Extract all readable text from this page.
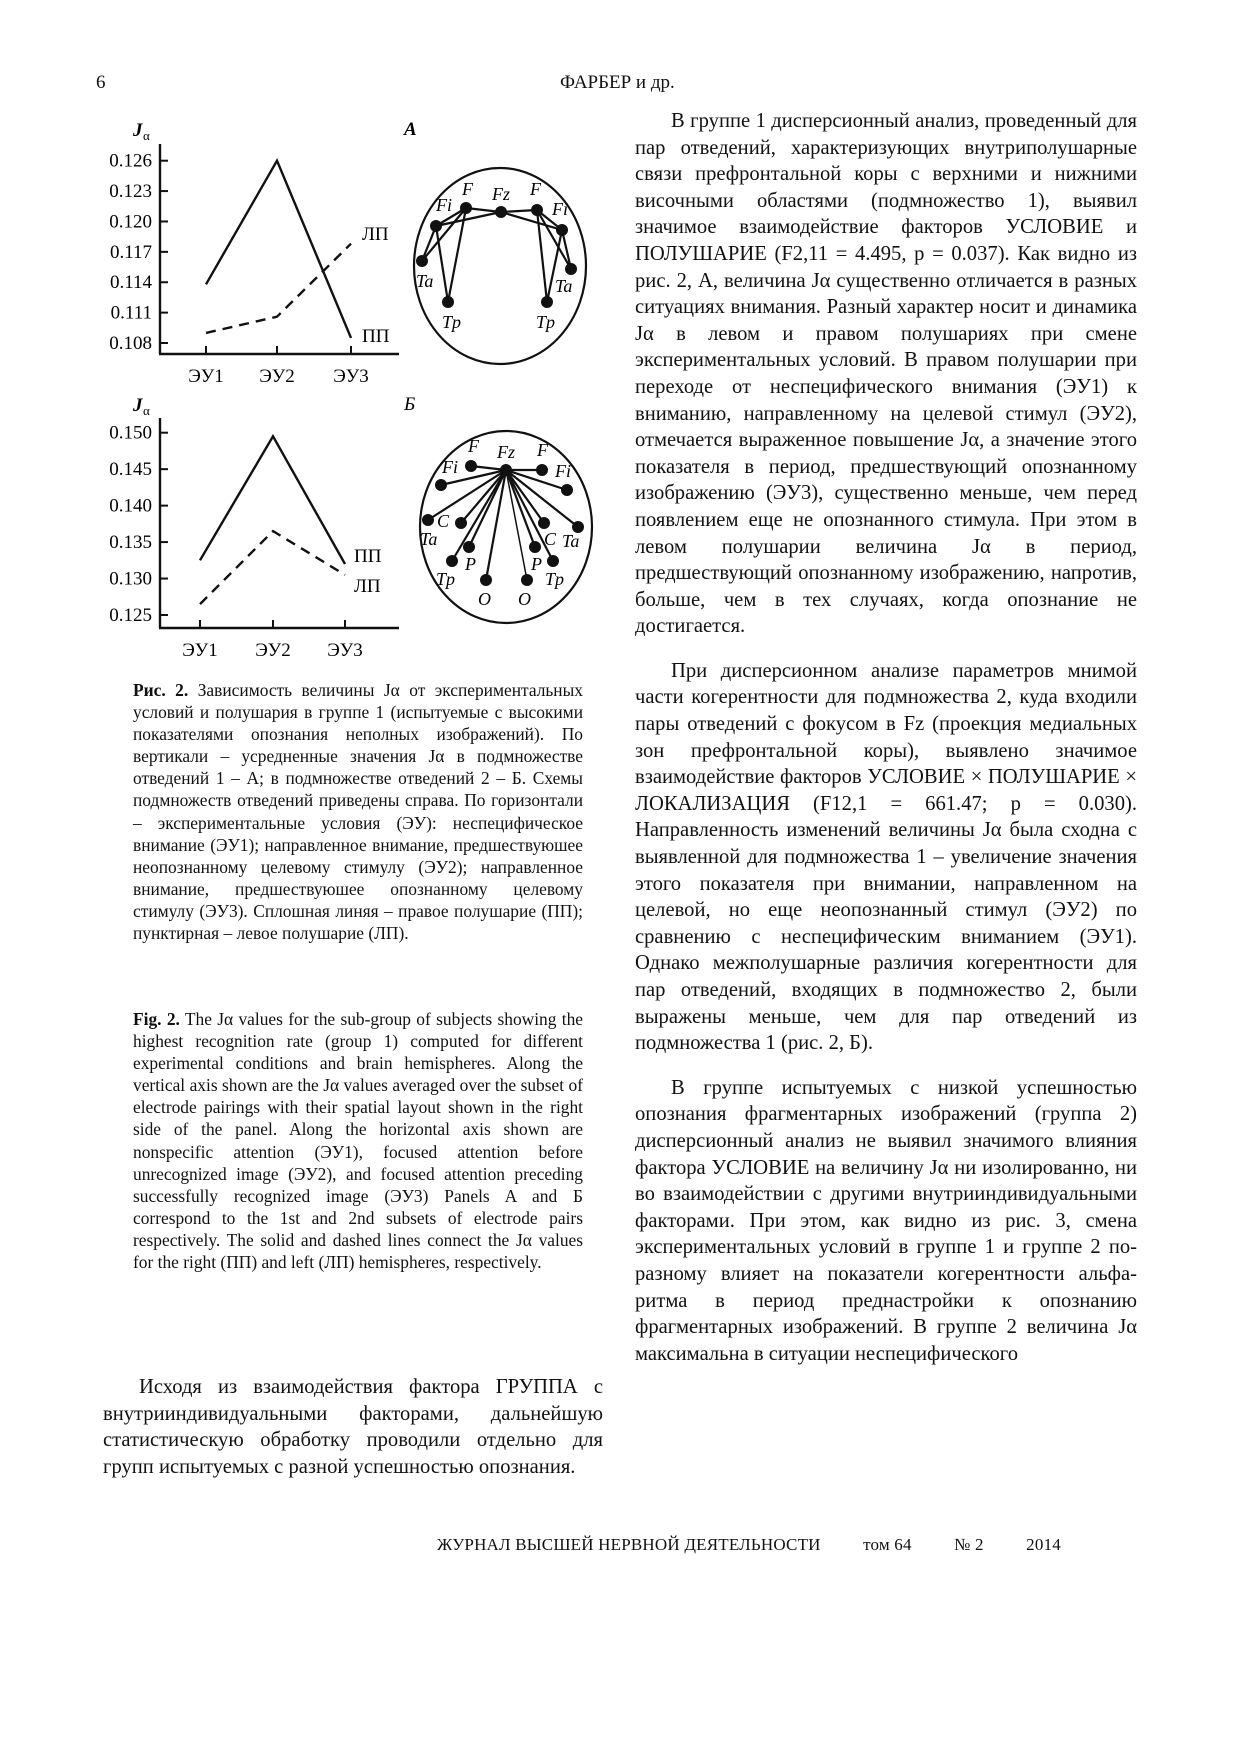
6	ФАРБЕР и др.
J α	A
0.108
0.111
0.114
0.117
0.120
0.123
0.126
ЭУ1 ЭУ2 ЭУ3
ЛП
ПП
Fi
F Fz F
Fi
Ta
Tp
Ta
Tp
J α	Б
0.125
0.130
0.135
0.140
0.145
0.150
ЭУ1 ЭУ2 ЭУ3
ПП
ЛП
F Fz F
Fi	Fi
C
Ta	C Ta
P
Tp
P
Tp
O O
Рис. 2. Зависимость величины Jα от экспериментальных условий и полушария в группе 1 (испытуемые с высокими показателями опознания неполных изображений). По вертикали – усредненные значения Jα в подмножестве отведений 1 – А; в подмножестве отведений 2 – Б. Схемы подмножеств отведений приведены справа. По горизонтали – экспериментальные условия (ЭУ): неспецифическое внимание (ЭУ1); направленное внимание, предшествуюшее неопознанному целевому стимулу (ЭУ2); направленное внимание, предшествуюшее опознанному целевому стимулу (ЭУ3). Сплошная линяя – правое полушарие (ПП); пунктирная – левое полушарие (ЛП).
Fig. 2. The Jα values for the sub-group of subjects showing the highest recognition rate (group 1) computed for different experimental conditions and brain hemispheres. Along the vertical axis shown are the Jα values averaged over the subset of electrode pairings with their spatial layout shown in the right side of the panel. Along the horizontal axis shown are nonspecific attention (ЭУ1), focused attention before unrecognized image (ЭУ2), and focused attention preceding successfully recognized image (ЭУ3) Panels A and Б correspond to the 1st and 2nd subsets of electrode pairs respectively. The solid and dashed lines connect the Jα values for the right (ПП) and left (ЛП) hemispheres, respectively.

Исходя из взаимодействия фактора ГРУППА с внутрииндивидуальными факторами, дальнейшую статистическую обработку проводили отдельно для групп испытуемых с разной успешностью опознания.

В группе 1 дисперсионный анализ, проведенный для пар отведений, характеризующих внутриполушарные связи префронтальной коры с верхними и нижними височными областями (подмножество 1), выявил значимое взаимодействие факторов УСЛОВИЕ и ПОЛУШАРИЕ (F2,11 = 4.495, p = 0.037). Как видно из рис. 2, А, величина Jα существенно отличается в разных ситуациях внимания. Разный характер носит и динамика Jα в левом и правом полушариях при смене экспериментальных условий. В правом полушарии при переходе от неспецифического внимания (ЭУ1) к вниманию, направленному на целевой стимул (ЭУ2), отмечается выраженное повышение Jα, а значение этого показателя в период, предшествующий опознанному изображению (ЭУ3), существенно меньше, чем перед появлением еще не опознанного стимула. При этом в левом полушарии величина Jα в период, предшествующий опознанному изображению, напротив, больше, чем в тех случаях, когда опознание не достигается.

При дисперсионном анализе параметров мнимой части когерентности для подмножества 2, куда входили пары отведений с фокусом в Fz (проекция медиальных зон префронтальной коры), выявлено значимое взаимодействие факторов УСЛОВИЕ × ПОЛУШАРИЕ × ЛОКАЛИЗАЦИЯ (F12,1 = 661.47; p = 0.030). Направленность изменений величины Jα была сходна с выявленной для подмножества 1 – увеличение значения этого показателя при внимании, направленном на целевой, но еще неопознанный стимул (ЭУ2) по сравнению с неспецифическим вниманием (ЭУ1). Однако межполушарные различия когерентности для пар отведений, входящих в подмножество 2, были выражены меньше, чем для пар отведений из подмножества 1 (рис. 2, Б).

В группе испытуемых с низкой успешностью опознания фрагментарных изображений (группа 2) дисперсионный анализ не выявил значимого влияния фактора УСЛОВИЕ на величину Jα ни изолированно, ни во взаимодействии с другими внутрииндивидуальными факторами. При этом, как видно из рис. 3, смена экспериментальных условий в группе 1 и группе 2 по-разному влияет на показатели когерентности альфа-ритма в период преднастройки к опознанию фрагментарных изображений. В группе 2 величина Jα максимальна в ситуации неспецифического

ЖУРНАЛ ВЫСШЕЙ НЕРВНОЙ ДЕЯТЕЛЬНОСТИ том 64 № 2 2014
